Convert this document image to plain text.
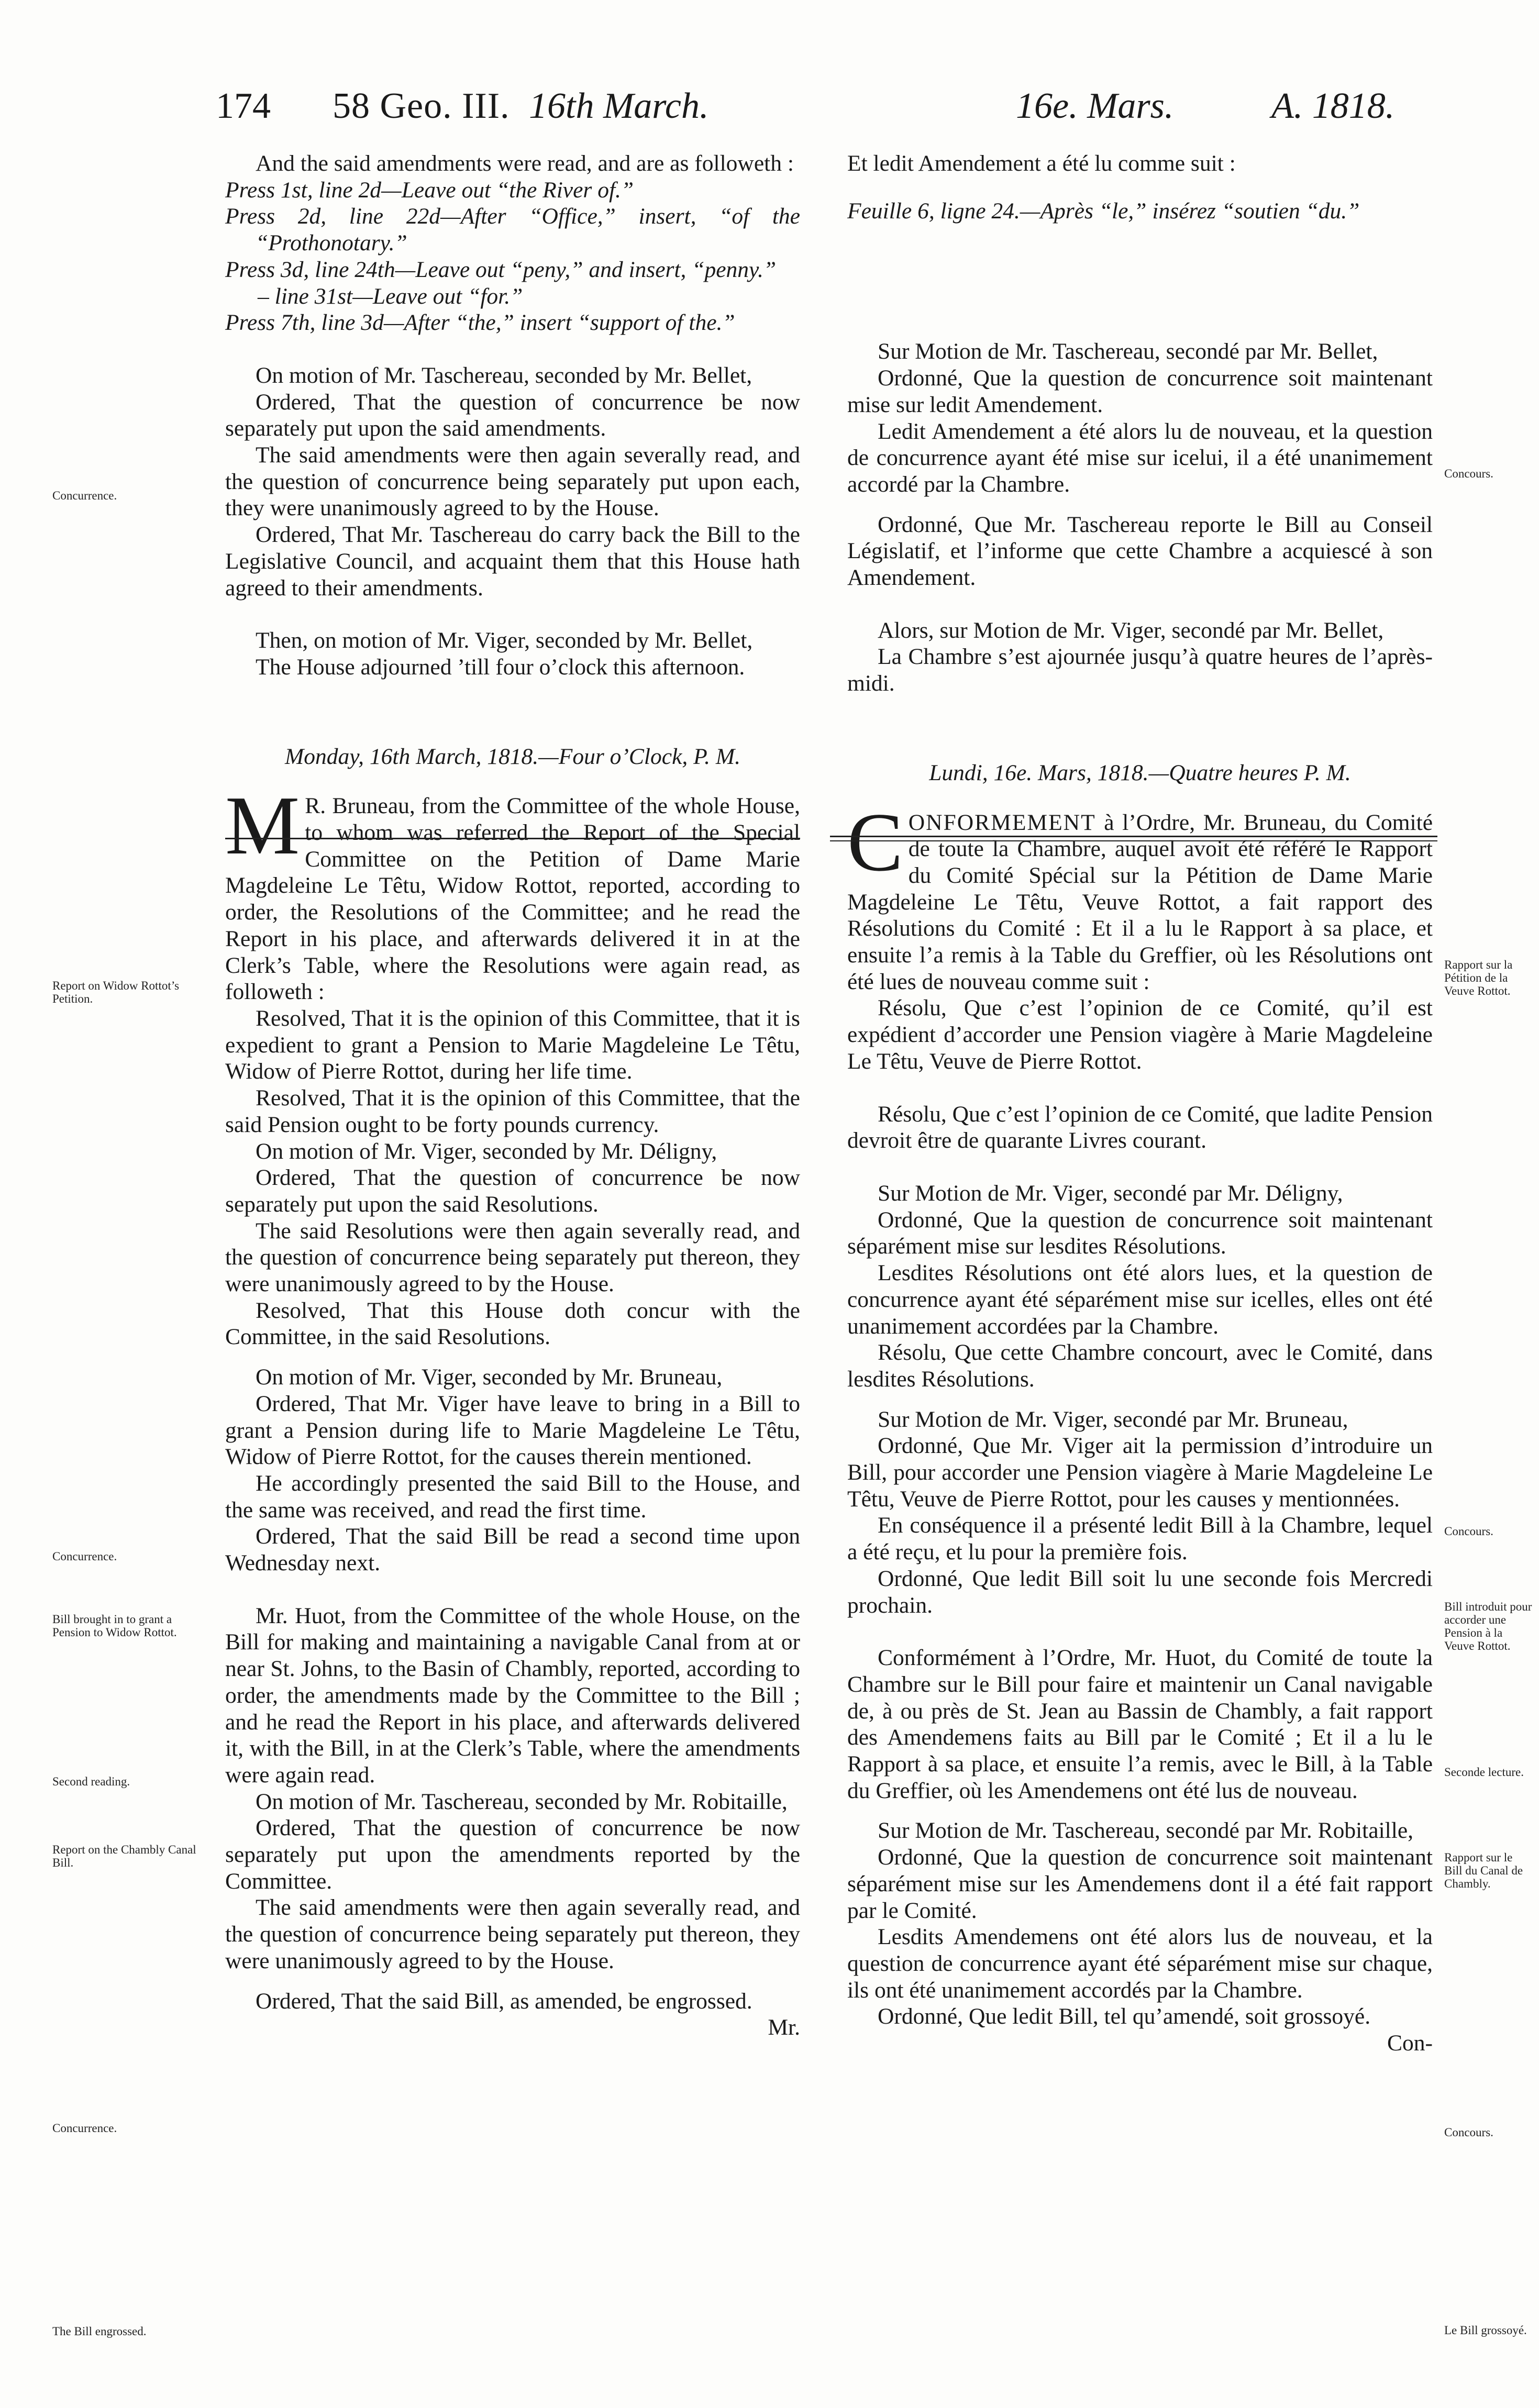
174 58 Geo. III. 16th March.	16e. Mars.	A. 1818.

And the said amendments were read, and are as followeth :

Press 1st, line 2d—Leave out “the River of.”

Press 2d, line 22d—After “Office,” insert, “of the “Prothonotary.”

Press 3d, line 24th—Leave out “peny,” and insert, “penny.”

– line 31st—Leave out “for.”

Press 7th, line 3d—After “the,” insert “support of the.”

On motion of Mr. Taschereau, seconded by Mr. Bellet,

Ordered, That the question of concurrence be now separately put upon the said amendments.

The said amendments were then again severally read, and the question of concurrence being separately put upon each, they were unanimously agreed to by the House.

Ordered, That Mr. Taschereau do carry back the Bill to the Legislative Council, and acquaint them that this House hath agreed to their amendments.

Then, on motion of Mr. Viger, seconded by Mr. Bellet,

The House adjourned ’till four o’clock this afternoon.

Monday, 16th March, 1818.—Four o’Clock, P. M.

M R. Bruneau, from the Committee of the whole House, to whom was referred the Report of the Special Committee on the Petition of Dame Marie Magdeleine Le Têtu, Widow Rottot, reported, according to order, the Resolutions of the Committee; and he read the Report in his place, and afterwards delivered it in at the Clerk’s Table, where the Resolutions were again read, as followeth :

Resolved, That it is the opinion of this Committee, that it is expedient to grant a Pension to Marie Magdeleine Le Têtu, Widow of Pierre Rottot, during her life time.

Resolved, That it is the opinion of this Committee, that the said Pension ought to be forty pounds currency.

On motion of Mr. Viger, seconded by Mr. Déligny,

Ordered, That the question of concurrence be now separately put upon the said Resolutions.

The said Resolutions were then again severally read, and the question of concurrence being separately put thereon, they were unanimously agreed to by the House.

Resolved, That this House doth concur with the Committee, in the said Resolutions.

On motion of Mr. Viger, seconded by Mr. Bruneau,

Ordered, That Mr. Viger have leave to bring in a Bill to grant a Pension during life to Marie Magdeleine Le Têtu, Widow of Pierre Rottot, for the causes therein mentioned.

He accordingly presented the said Bill to the House, and the same was received, and read the first time.

Ordered, That the said Bill be read a second time upon Wednesday next.

Mr. Huot, from the Committee of the whole House, on the Bill for making and maintaining a navigable Canal from at or near St. Johns, to the Basin of Chambly, reported, according to order, the amendments made by the Committee to the Bill ; and he read the Report in his place, and afterwards delivered it, with the Bill, in at the Clerk’s Table, where the amendments were again read.

On motion of Mr. Taschereau, seconded by Mr. Robitaille,

Ordered, That the question of concurrence be now separately put upon the amendments reported by the Committee.

The said amendments were then again severally read, and the question of concurrence being separately put thereon, they were unanimously agreed to by the House.

Ordered, That the said Bill, as amended, be engrossed.

Mr.

Et ledit Amendement a été lu comme suit :

Feuille 6, ligne 24.—Après “le,” insérez “soutien “du.”

Sur Motion de Mr. Taschereau, secondé par Mr. Bellet,

Ordonné, Que la question de concurrence soit maintenant mise sur ledit Amendement.

Ledit Amendement a été alors lu de nouveau, et la question de concurrence ayant été mise sur icelui, il a été unanimement accordé par la Chambre.

Ordonné, Que Mr. Taschereau reporte le Bill au Conseil Législatif, et l’informe que cette Chambre a acquiescé à son Amendement.

Alors, sur Motion de Mr. Viger, secondé par Mr. Bellet,

La Chambre s’est ajournée jusqu’à quatre heures de l’après-midi.

Lundi, 16e. Mars, 1818.—Quatre heures P. M.

CONFORMEMENT à l’Ordre, Mr. Bruneau, du Comité de toute la Chambre, auquel avoit été référé le Rapport du Comité Spécial sur la Pétition de Dame Marie Magdeleine Le Têtu, Veuve Rottot, a fait rapport des Résolutions du Comité : Et il a lu le Rapport à sa place, et ensuite l’a remis à la Table du Greffier, où les Résolutions ont été lues de nouveau comme suit :

Résolu, Que c’est l’opinion de ce Comité, qu’il est expédient d’accorder une Pension viagère à Marie Magdeleine Le Têtu, Veuve de Pierre Rottot.

Résolu, Que c’est l’opinion de ce Comité, que ladite Pension devroit être de quarante Livres courant.

Sur Motion de Mr. Viger, secondé par Mr. Déligny,

Ordonné, Que la question de concurrence soit maintenant séparément mise sur lesdites Résolutions.

Lesdites Résolutions ont été alors lues, et la question de concurrence ayant été séparément mise sur icelles, elles ont été unanimement accordées par la Chambre.

Résolu, Que cette Chambre concourt, avec le Comité, dans lesdites Résolutions.

Sur Motion de Mr. Viger, secondé par Mr. Bruneau,

Ordonné, Que Mr. Viger ait la permission d’introduire un Bill, pour accorder une Pension viagère à Marie Magdeleine Le Têtu, Veuve de Pierre Rottot, pour les causes y mentionnées.

En conséquence il a présenté ledit Bill à la Chambre, lequel a été reçu, et lu pour la première fois.

Ordonné, Que ledit Bill soit lu une seconde fois Mercredi prochain.

Conformément à l’Ordre, Mr. Huot, du Comité de toute la Chambre sur le Bill pour faire et maintenir un Canal navigable de, à ou près de St. Jean au Bassin de Chambly, a fait rapport des Amendemens faits au Bill par le Comité ; Et il a lu le Rapport à sa place, et ensuite l’a remis, avec le Bill, à la Table du Greffier, où les Amendemens ont été lus de nouveau.

Sur Motion de Mr. Taschereau, secondé par Mr. Robitaille,

Ordonné, Que la question de concurrence soit maintenant séparément mise sur les Amendemens dont il a été fait rapport par le Comité.

Lesdits Amendemens ont été alors lus de nouveau, et la question de concurrence ayant été séparément mise sur chaque, ils ont été unanimement accordés par la Chambre.

Ordonné, Que ledit Bill, tel qu’amendé, soit grossoyé.

Con-

Concurrence.
Report on Widow Rottot’s Petition.
Concurrence.
Bill brought in to grant a Pension to Widow Rottot.
Second reading.
Report on the Chambly Canal Bill.
Concurrence.
The Bill engrossed.
Concours.
Rapport sur la Pétition de la Veuve Rottot.
Concours.
Bill introduit pour accorder une Pension à la Veuve Rottot.
Seconde lecture.
Rapport sur le Bill du Canal de Chambly.
Concours.
Le Bill grossoyé.
